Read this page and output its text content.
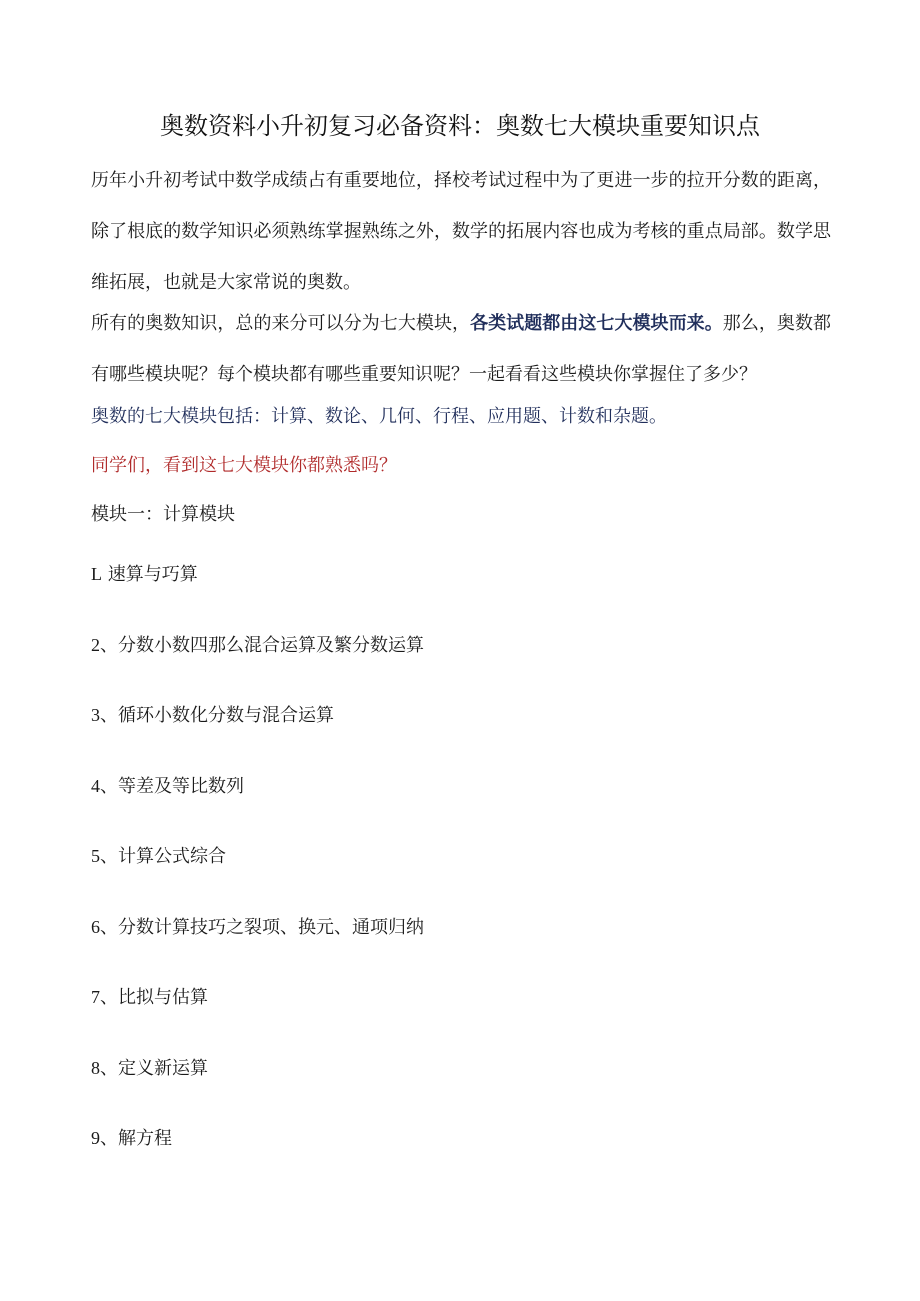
奥数资料小升初复习必备资料：奥数七大模块重要知识点

历年小升初考试中数学成绩占有重要地位，择校考试过程中为了更进一步的拉开分数的距离，除了根底的数学知识必须熟练掌握熟练之外，数学的拓展内容也成为考核的重点局部。数学思维拓展，也就是大家常说的奥数。

所有的奥数知识，总的来分可以分为七大模块，各类试题都由这七大模块而来。那么，奥数都有哪些模块呢？每个模块都有哪些重要知识呢？一起看看这些模块你掌握住了多少？

奥数的七大模块包括：计算、数论、几何、行程、应用题、计数和杂题。

同学们，看到这七大模块你都熟悉吗？

模块一：计算模块

L 速算与巧算

2、分数小数四那么混合运算及繁分数运算

3、循环小数化分数与混合运算

4、等差及等比数列

5、计算公式综合

6、分数计算技巧之裂项、换元、通项归纳

7、比拟与估算

8、定义新运算

9、解方程
